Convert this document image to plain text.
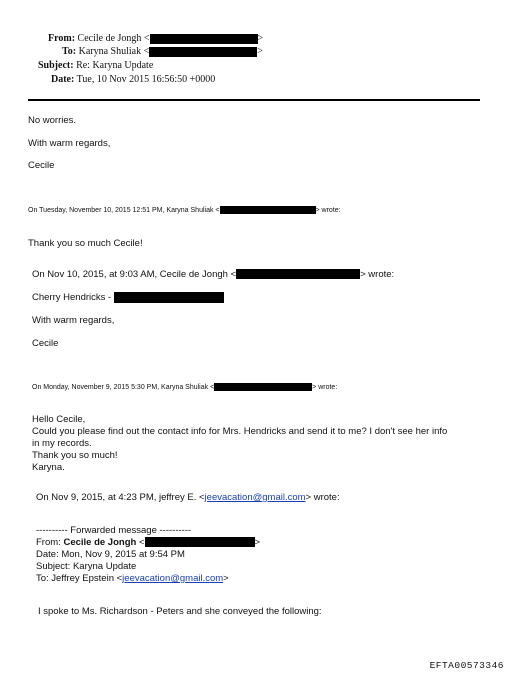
From: Cecile de Jongh <	>
To: Karyna Shuliak <	>
Subject: Re: Karyna Update
Date: Tue, 10 Nov 2015 16:56:50 +0000
No worries.
With warm regards,
Cecile
On Tuesday, November 10, 2015 12:51 PM, Karyna Shuliak <	> wrote:
Thank you so much Cecile!
On Nov 10, 2015, at 9:03 AM, Cecile de Jongh <	> wrote:
Cherry Hendricks -
With warm regards,
Cecile
On Monday, November 9, 2015 5:30 PM, Karyna Shuliak <	> wrote:
Hello Cecile,
Could you please find out the contact info for Mrs. Hendricks and send it to me? I don't see her info
in my records.
Thank you so much!
Karyna.
On Nov 9, 2015, at 4:23 PM, jeffrey E. <jeevacation@gmail.com> wrote:
---------- Forwarded message ----------
From: Cecile de Jongh <	>
Date: Mon, Nov 9, 2015 at 9:54 PM
Subject: Karyna Update
To: Jeffrey Epstein <jeevacation@gmail.com>
I spoke to Ms. Richardson - Peters and she conveyed the following:
EFTA00573346
